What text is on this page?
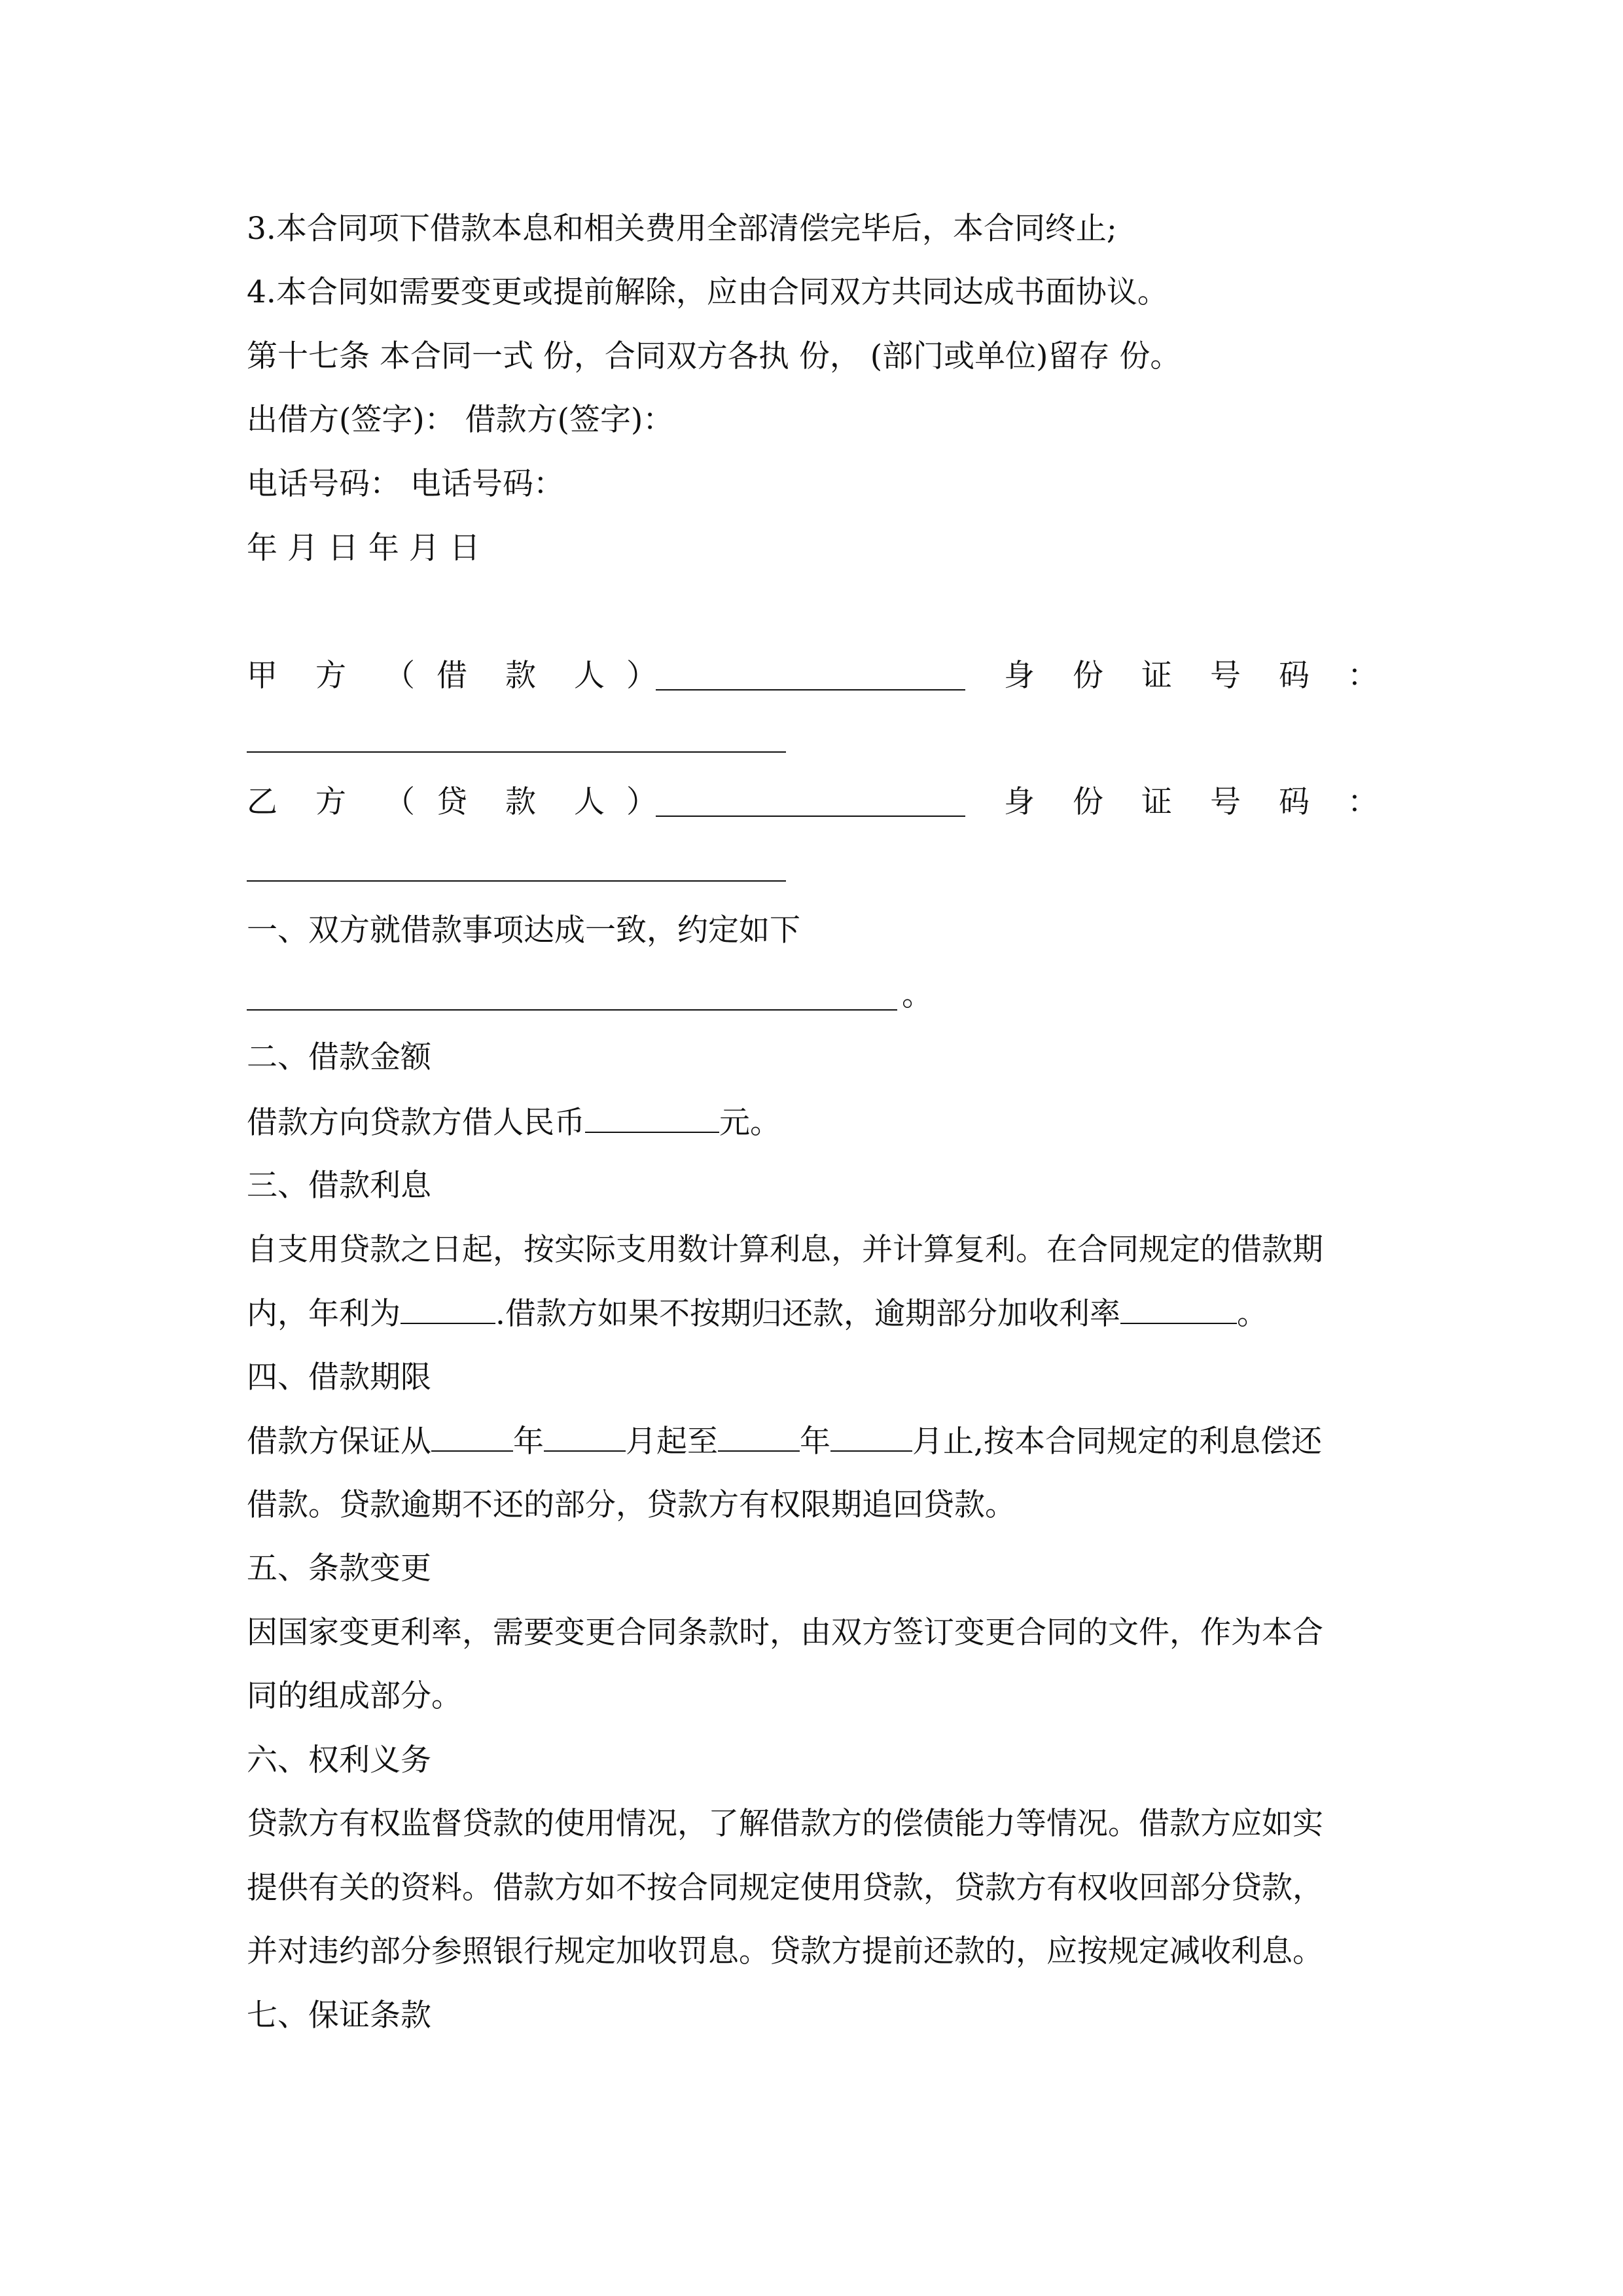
3.本合同项下借款本息和相关费用全部清偿完毕后，本合同终止;

4.本合同如需要变更或提前解除，应由合同双方共同达成书面协议。

第十七条 本合同一式 份，合同双方各执 份， (部门或单位)留存 份。

出借方(签字)： 借款方(签字)：

电话号码： 电话号码：

年 月 日 年 月 日

甲 方 （ 借 款 人 ）	身 份 证 号 码 ：
乙 方 （ 贷 款 人 ）	身 份 证 号 码 ：

一、双方就借款事项达成一致，约定如下

。

二、借款金额

借款方向贷款方借人民币	元。

三、借款利息

自支用贷款之日起，按实际支用数计算利息，并计算复利。在合同规定的借款期

内，年利为	.借款方如果不按期归还款，逾期部分加收利率	。

四、借款期限

借款方保证从	年	月起至	年	月止,按本合同规定的利息偿还

借款。贷款逾期不还的部分，贷款方有权限期追回贷款。

五、条款变更

因国家变更利率，需要变更合同条款时，由双方签订变更合同的文件，作为本合

同的组成部分。

六、权利义务

贷款方有权监督贷款的使用情况，了解借款方的偿债能力等情况。借款方应如实

提供有关的资料。借款方如不按合同规定使用贷款，贷款方有权收回部分贷款，

并对违约部分参照银行规定加收罚息。贷款方提前还款的，应按规定减收利息。

七、保证条款
